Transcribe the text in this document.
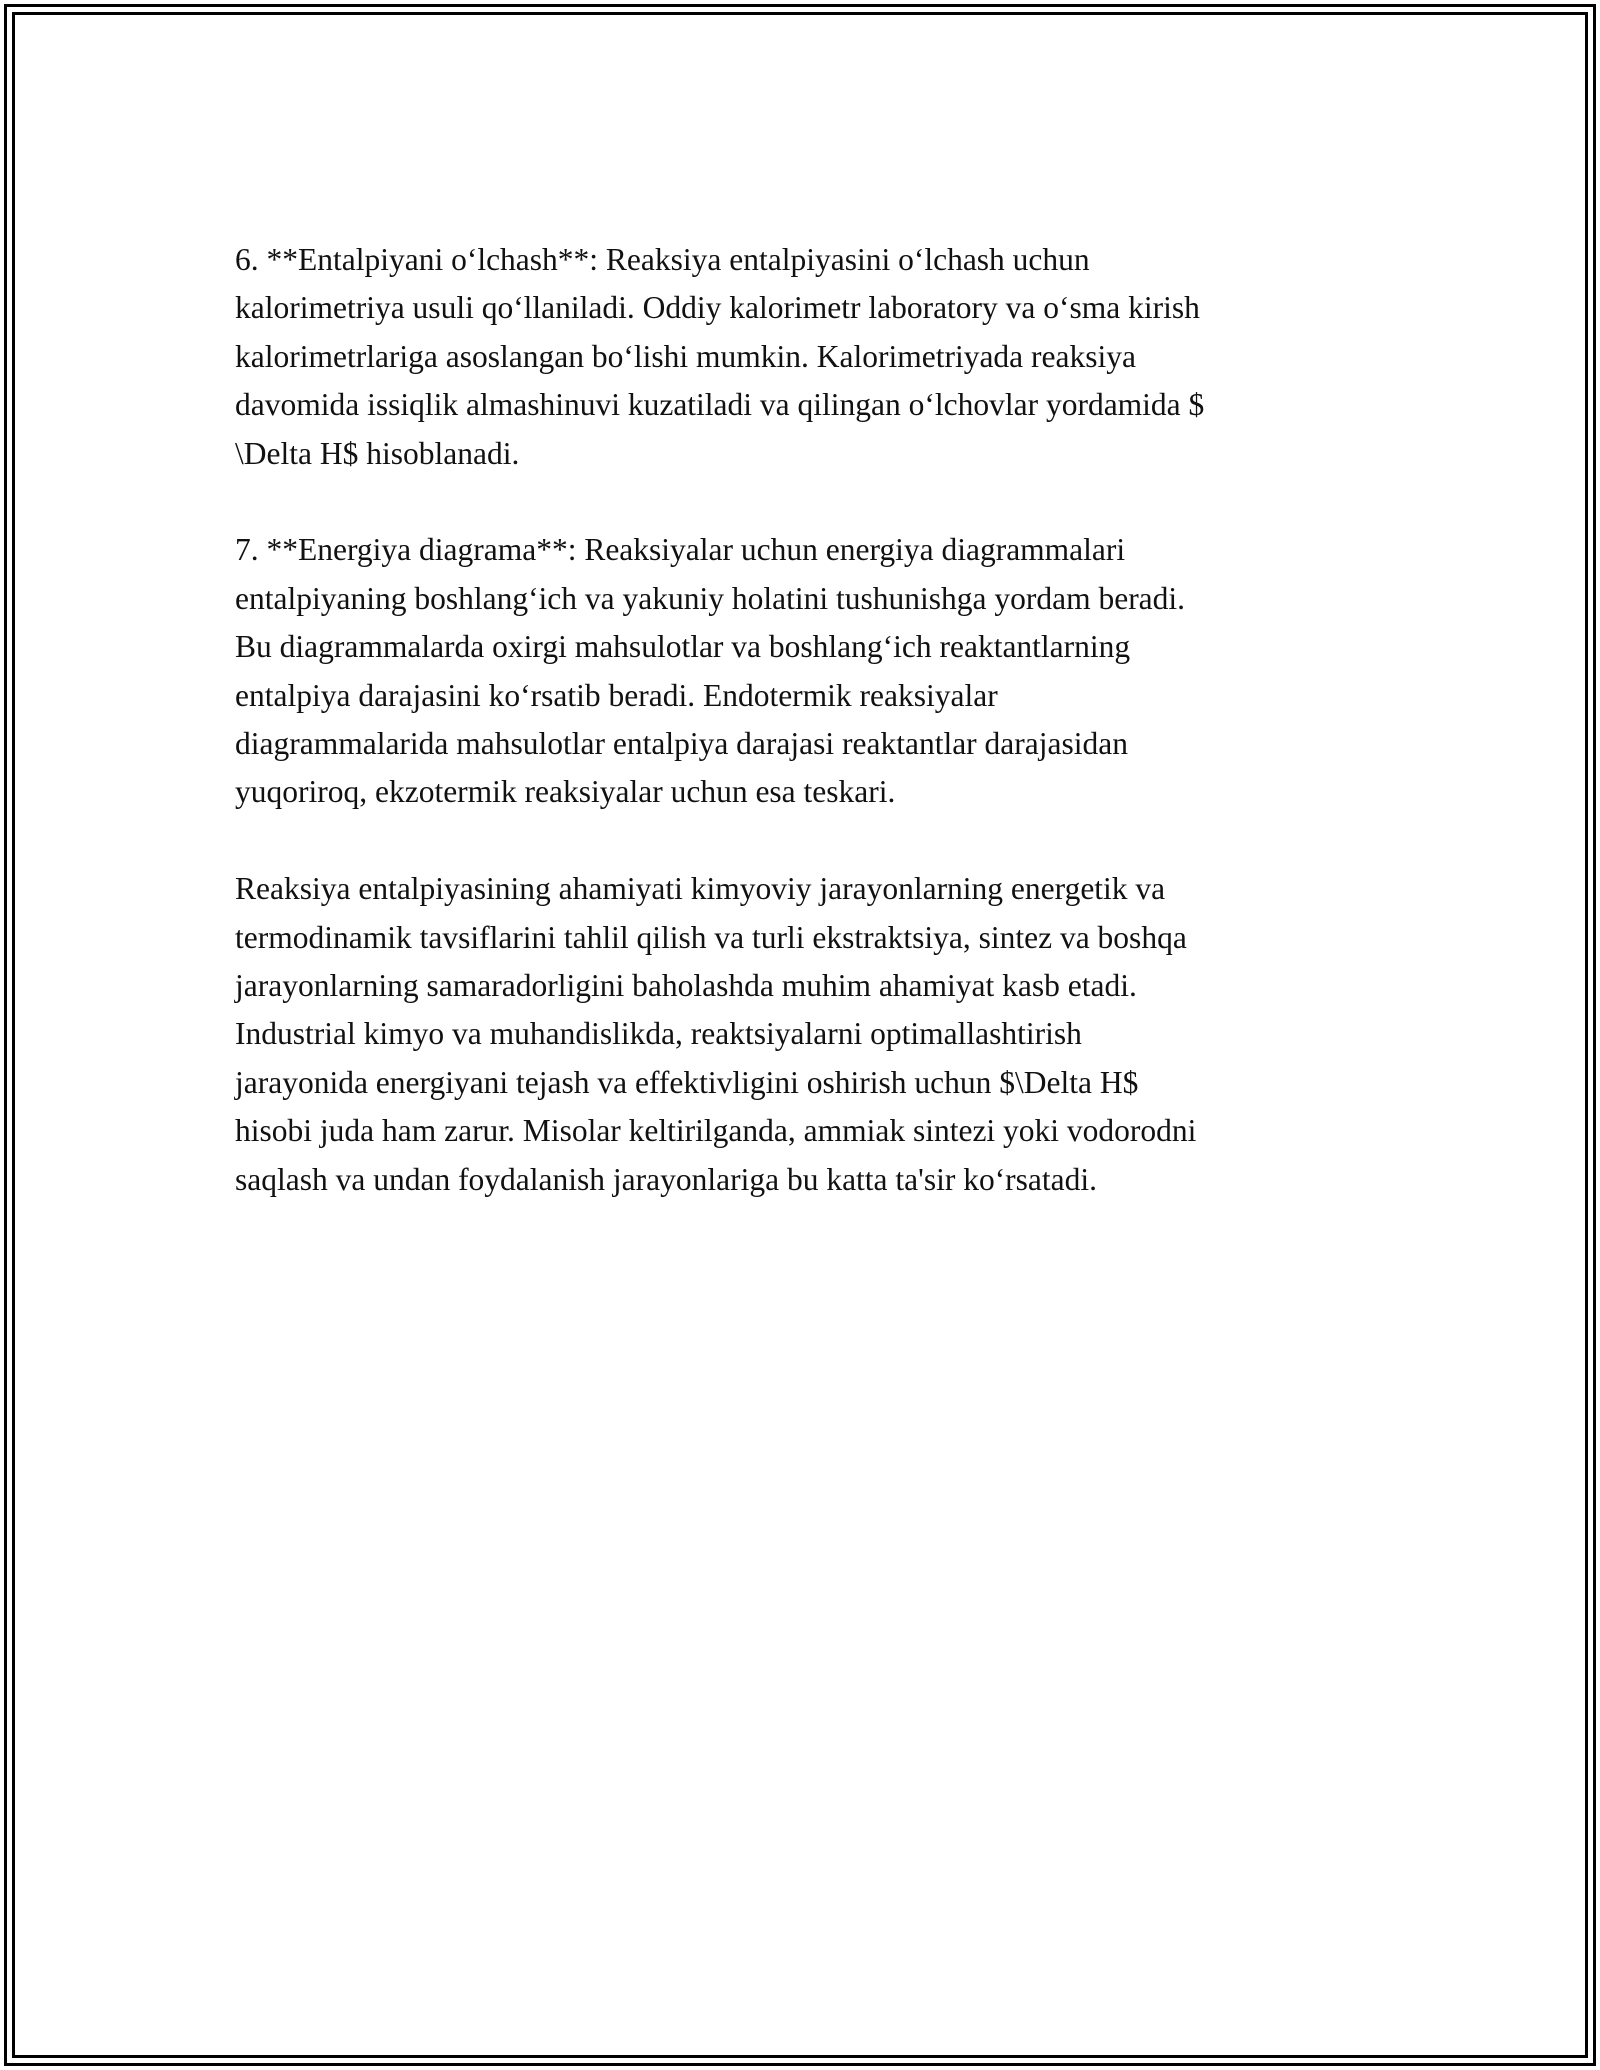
6. **Entalpiyani o‘lchash**: Reaksiya entalpiyasini o‘lchash uchun
kalorimetriya usuli qo‘llaniladi. Oddiy kalorimetr laboratory va o‘sma kirish
kalorimetrlariga asoslangan bo‘lishi mumkin. Kalorimetriyada reaksiya
davomida issiqlik almashinuvi kuzatiladi va qilingan o‘lchovlar yordamida $
\Delta H$ hisoblanadi.

7. **Energiya diagrama**: Reaksiyalar uchun energiya diagrammalari
entalpiyaning boshlang‘ich va yakuniy holatini tushunishga yordam beradi.
Bu diagrammalarda oxirgi mahsulotlar va boshlang‘ich reaktantlarning
entalpiya darajasini ko‘rsatib beradi. Endotermik reaksiyalar
diagrammalarida mahsulotlar entalpiya darajasi reaktantlar darajasidan
yuqoriroq, ekzotermik reaksiyalar uchun esa teskari.

Reaksiya entalpiyasining ahamiyati kimyoviy jarayonlarning energetik va
termodinamik tavsiflarini tahlil qilish va turli ekstraktsiya, sintez va boshqa
jarayonlarning samaradorligini baholashda muhim ahamiyat kasb etadi.
Industrial kimyo va muhandislikda, reaktsiyalarni optimallashtirish
jarayonida energiyani tejash va effektivligini oshirish uchun $\Delta H$
hisobi juda ham zarur. Misolar keltirilganda, ammiak sintezi yoki vodorodni
saqlash va undan foydalanish jarayonlariga bu katta ta'sir ko‘rsatadi.
